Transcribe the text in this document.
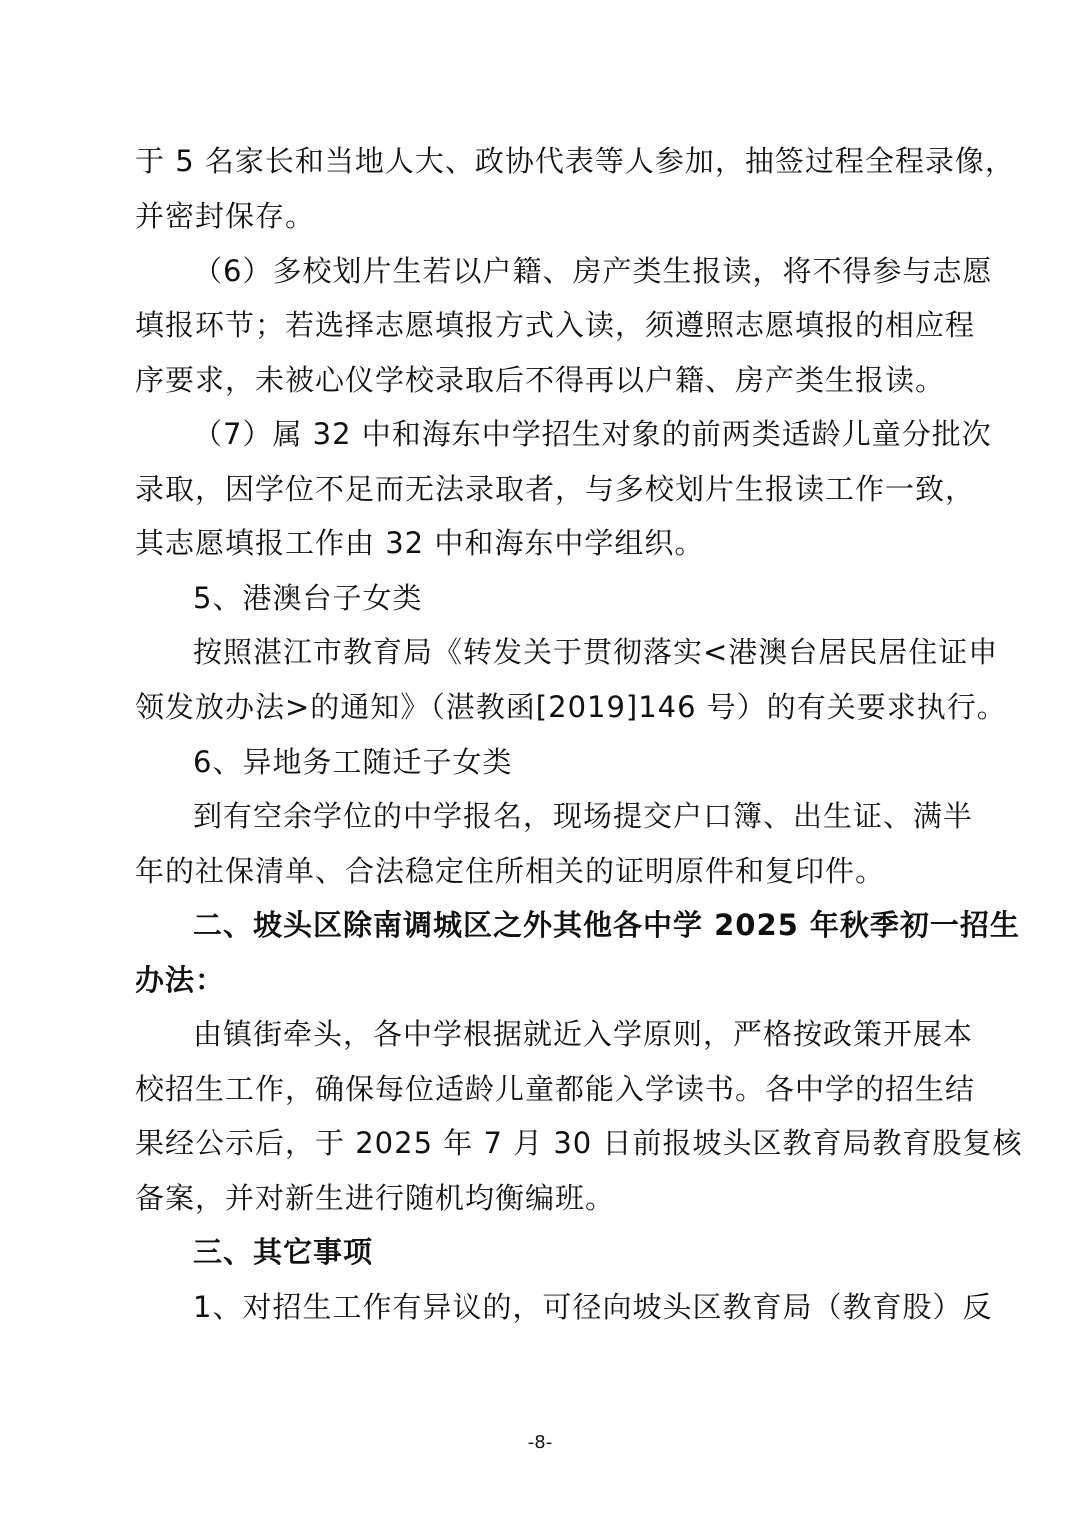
于 5 名家长和当地人大、政协代表等人参加，抽签过程全程录像，
并密封保存。
（6）多校划片生若以户籍、房产类生报读，将不得参与志愿
填报环节；若选择志愿填报方式入读，须遵照志愿填报的相应程
序要求，未被心仪学校录取后不得再以户籍、房产类生报读。
（7）属 32 中和海东中学招生对象的前两类适龄儿童分批次
录取，因学位不足而无法录取者，与多校划片生报读工作一致，
其志愿填报工作由 32 中和海东中学组织。
5、港澳台子女类
按照湛江市教育局《转发关于贯彻落实<港澳台居民居住证申
领发放办法>的通知》（湛教函[2019]146 号）的有关要求执行。
6、异地务工随迁子女类
到有空余学位的中学报名，现场提交户口簿、出生证、满半
年的社保清单、合法稳定住所相关的证明原件和复印件。
二、坡头区除南调城区之外其他各中学 2025 年秋季初一招生
办法：
由镇街牵头，各中学根据就近入学原则，严格按政策开展本
校招生工作，确保每位适龄儿童都能入学读书。各中学的招生结
果经公示后，于 2025 年 7 月 30 日前报坡头区教育局教育股复核
备案，并对新生进行随机均衡编班。
三、其它事项
1、对招生工作有异议的，可径向坡头区教育局（教育股）反
-8-
